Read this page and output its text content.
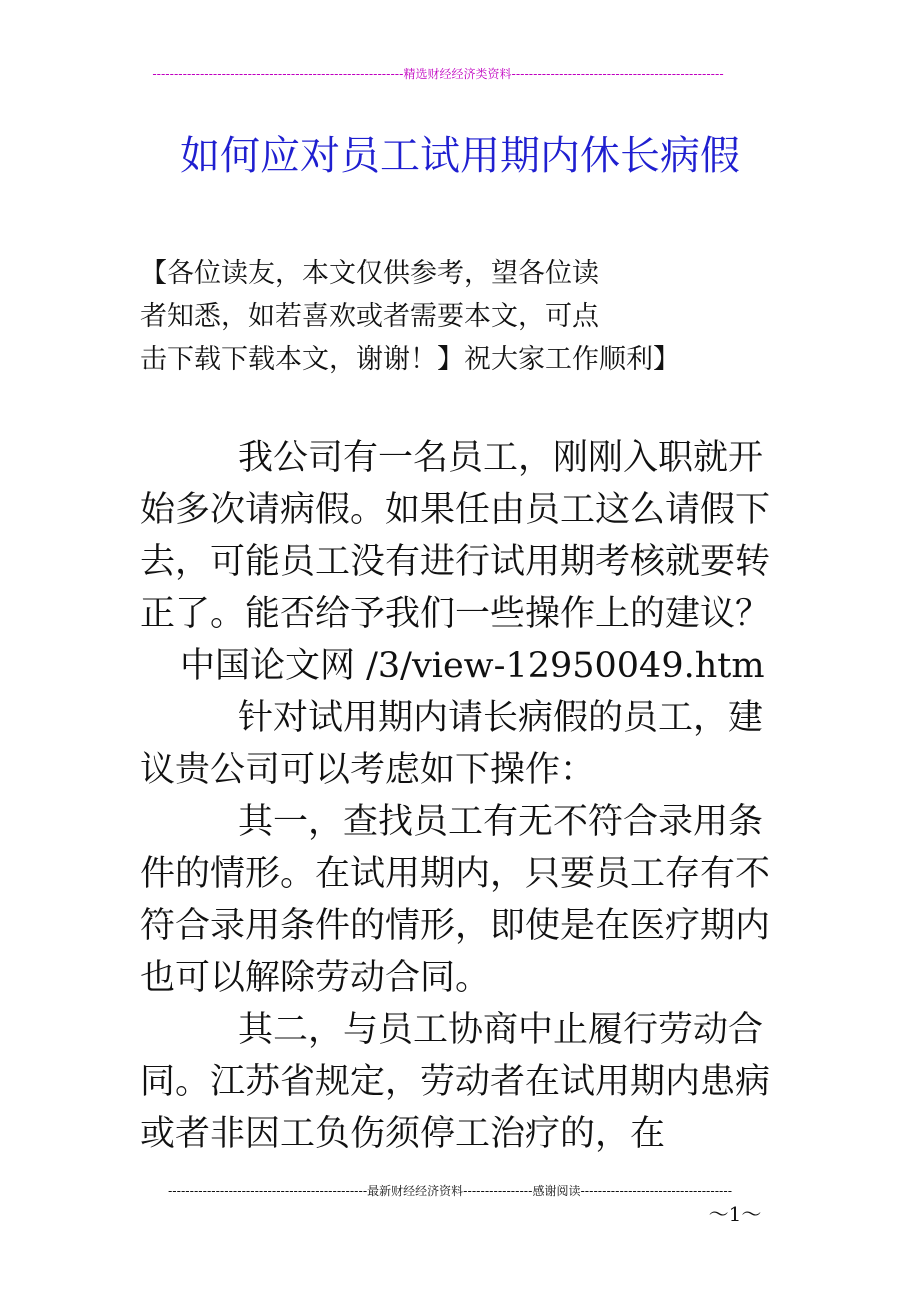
----------------------------------------------------------精选财经经济类资料-------------------------------------------------
如何应对员工试用期内休长病假
【各位读友，本文仅供参考，望各位读
者知悉，如若喜欢或者需要本文，可点
击下载下载本文，谢谢！】祝大家工作顺利】

我公司有一名员工，刚刚入职就开始多次请病假。如果任由员工这么请假下去，可能员工没有进行试用期考核就要转正了。能否给予我们一些操作上的建议？

中国论文网 /3/view-12950049.htm

针对试用期内请长病假的员工，建议贵公司可以考虑如下操作：

其一，查找员工有无不符合录用条件的情形。在试用期内，只要员工存有不符合录用条件的情形，即使是在医疗期内也可以解除劳动合同。

其二，与员工协商中止履行劳动合同。江苏省规定，劳动者在试用期内患病或者非因工负伤须停工治疗的，在

----------------------------------------------最新财经经济资料----------------感谢阅读-----------------------------------
～1～
